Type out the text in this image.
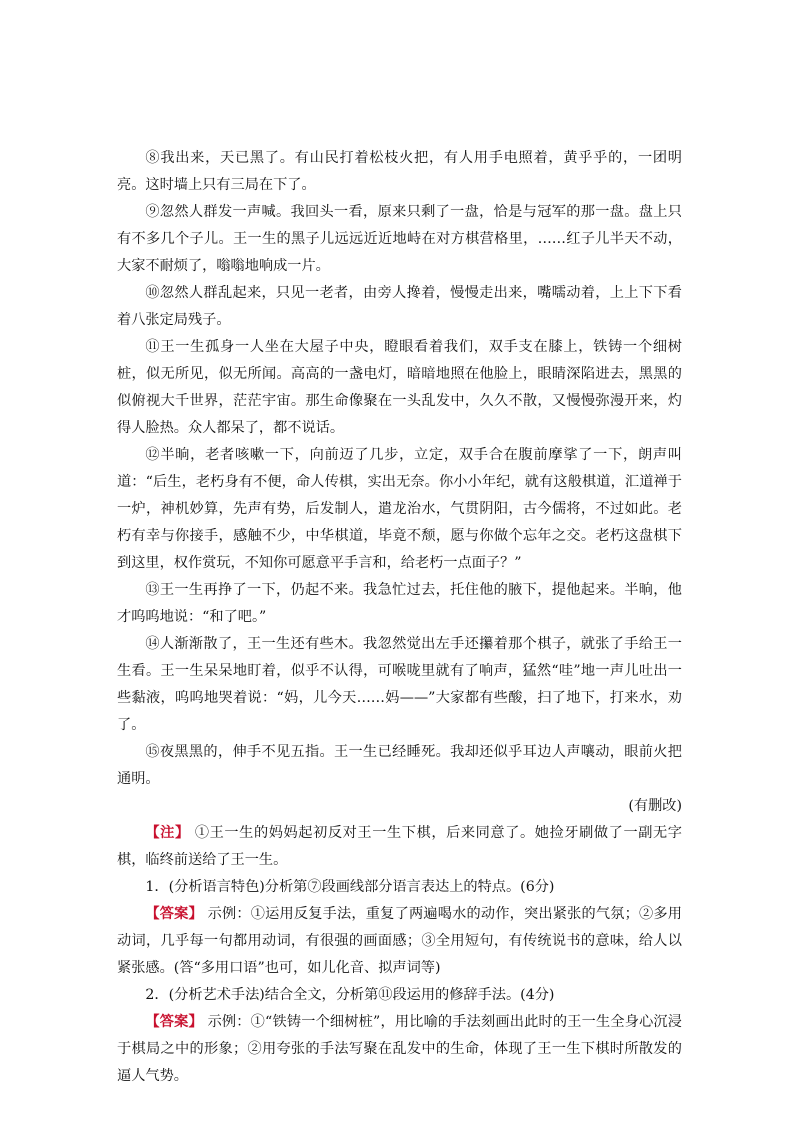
⑧我出来，天已黑了。有山民打着松枝火把，有人用手电照着，黄乎乎的，一团明亮。这时墙上只有三局在下了。

⑨忽然人群发一声喊。我回头一看，原来只剩了一盘，恰是与冠军的那一盘。盘上只有不多几个子儿。王一生的黑子儿远远近近地峙在对方棋营格里，……红子儿半天不动，大家不耐烦了，嗡嗡地响成一片。

⑩忽然人群乱起来，只见一老者，由旁人搀着，慢慢走出来，嘴嚅动着，上上下下看着八张定局残子。

⑪王一生孤身一人坐在大屋子中央，瞪眼看着我们，双手支在膝上，铁铸一个细树桩，似无所见，似无所闻。高高的一盏电灯，暗暗地照在他脸上，眼睛深陷进去，黑黑的似俯视大千世界，茫茫宇宙。那生命像聚在一头乱发中，久久不散，又慢慢弥漫开来，灼得人脸热。众人都呆了，都不说话。

⑫半晌，老者咳嗽一下，向前迈了几步，立定，双手合在腹前摩挲了一下，朗声叫道：“后生，老朽身有不便，命人传棋，实出无奈。你小小年纪，就有这般棋道，汇道禅于一炉，神机妙算，先声有势，后发制人，遣龙治水，气贯阴阳，古今儒将，不过如此。老朽有幸与你接手，感触不少，中华棋道，毕竟不颓，愿与你做个忘年之交。老朽这盘棋下到这里，权作赏玩，不知你可愿意平手言和，给老朽一点面子？”

⑬王一生再挣了一下，仍起不来。我急忙过去，托住他的腋下，提他起来。半晌，他才呜呜地说：“和了吧。”

⑭人渐渐散了，王一生还有些木。我忽然觉出左手还攥着那个棋子，就张了手给王一生看。王一生呆呆地盯着，似乎不认得，可喉咙里就有了响声，猛然“哇”地一声儿吐出一些黏液，呜呜地哭着说：“妈，儿今天……妈——”大家都有些酸，扫了地下，打来水，劝了。

⑮夜黑黑的，伸手不见五指。王一生已经睡死。我却还似乎耳边人声嚷动，眼前火把通明。

(有删改)

【注】 ①王一生的妈妈起初反对王一生下棋，后来同意了。她捡牙刷做了一副无字棋，临终前送给了王一生。

1．(分析语言特色)分析第⑦段画线部分语言表达上的特点。(6分)

【答案】 示例：①运用反复手法，重复了两遍喝水的动作，突出紧张的气氛；②多用动词，几乎每一句都用动词，有很强的画面感；③全用短句，有传统说书的意味，给人以紧张感。(答“多用口语”也可，如儿化音、拟声词等)

2．(分析艺术手法)结合全文，分析第⑪段运用的修辞手法。(4分)

【答案】 示例：①“铁铸一个细树桩”，用比喻的手法刻画出此时的王一生全身心沉浸于棋局之中的形象；②用夸张的手法写聚在乱发中的生命，体现了王一生下棋时所散发的逼人气势。
